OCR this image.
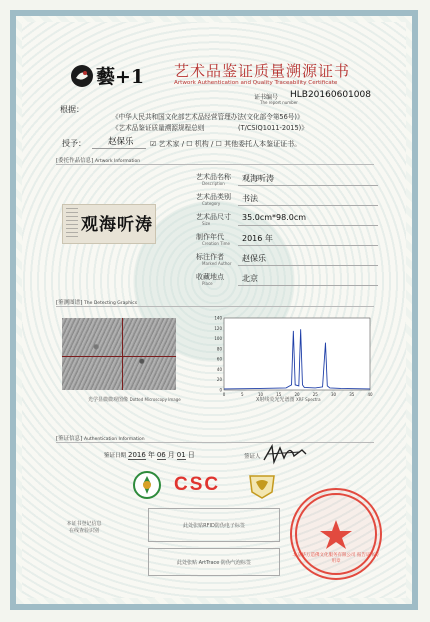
藝+1 艺术品鉴证质量溯源证书
Artwork Authentication and Quality Traceability Certificate
证书编号
The report number
HLB20160601008
根据：
《中华人民共和国文化部艺术品经营管理办法(文化部令第56号)》
《艺术品鉴证质量溯源规程总则	(T/CSIQ1011-2015)》
授予：	赵保乐 ☑ 艺术家 / ☐ 机构 / ☐ 其他委托人本鉴证证书。
[委托作品信息] Artwork Information
观海听涛
艺术品名称
Description
观海听涛
艺术品类别
Category
书法
艺术品尺寸
Size
35.0cm*98.0cm
制作年代
Creation Time
2016 年
标注作者
Marked Author
赵保乐
收藏地点
Place
北京
[鉴测图谱] The Detecting Graphics
光学显微微观图像 Dotted Microscopy Image
0
20
40
60
80
100
120
140
0	5	10	15	20	25	30	35	40
X射线荧光光谱图 XRF Spectra
[鉴证信息] Authentication Information
鉴证日期 2016 年 06 月 01 日	签证人
CSC
本证书登记信息
在线查验识别
此处张贴RFID防伪电子标签
此处张贴 ArtTrace 防伪气泡标签
北京华万造佛文化服务有限公司 报告证书专用章
